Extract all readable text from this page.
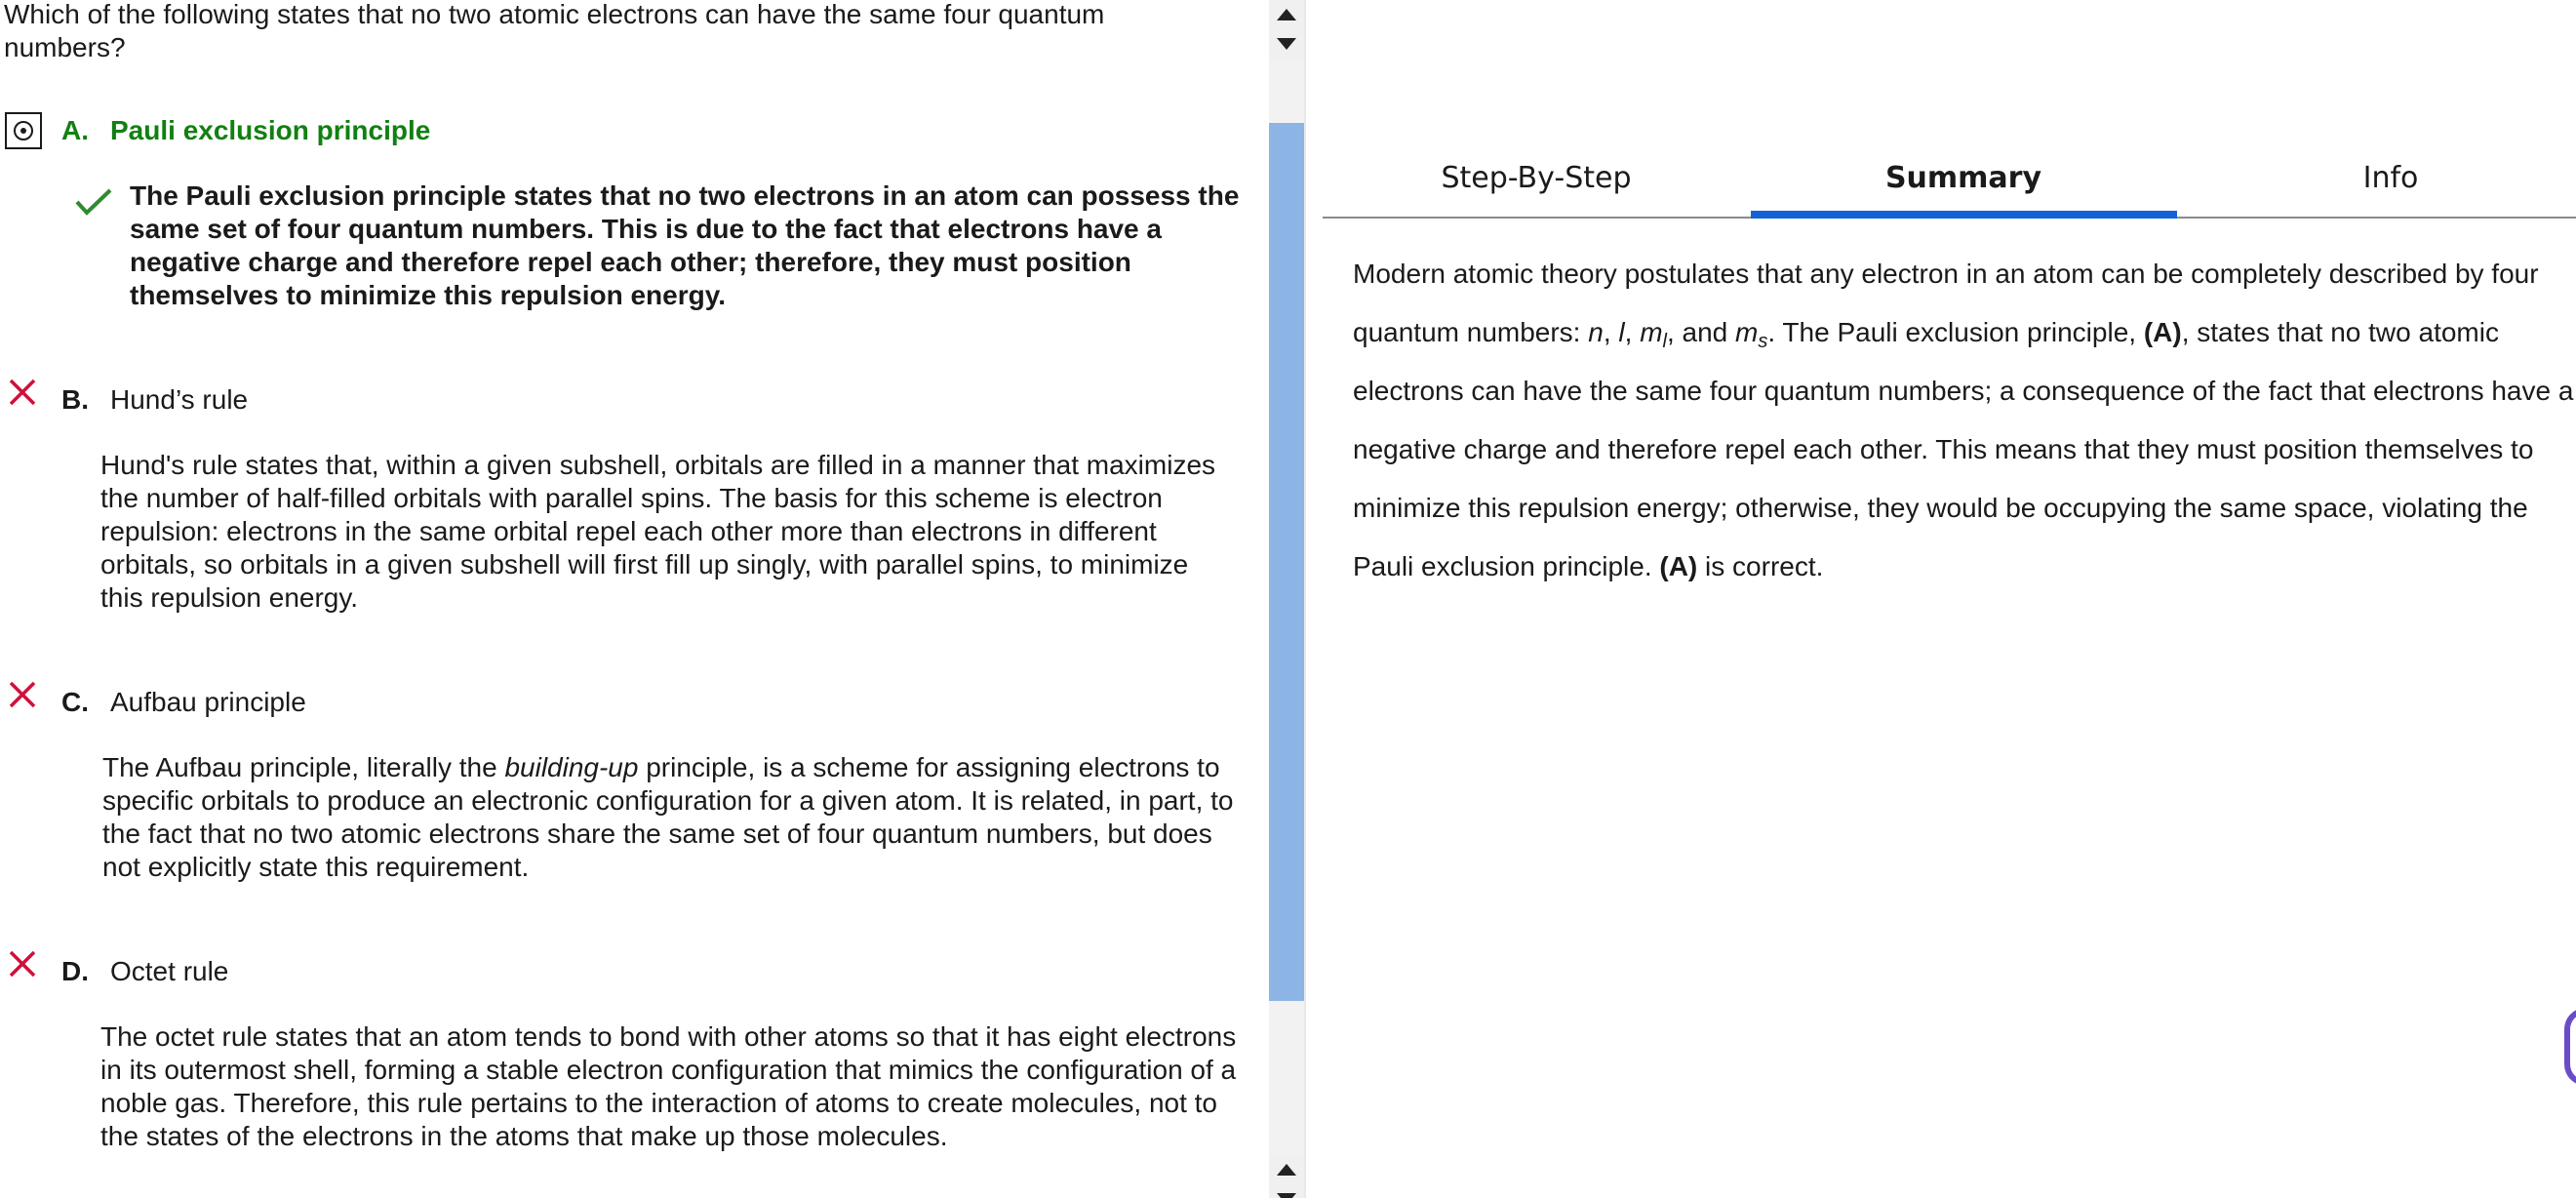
Which of the following states that no two atomic electrons can have the same four quantum numbers?
A. Pauli exclusion principle
The Pauli exclusion principle states that no two electrons in an atom can possess the same set of four quantum numbers. This is due to the fact that electrons have a negative charge and therefore repel each other; therefore, they must position themselves to minimize this repulsion energy.
B. Hund’s rule
Hund's rule states that, within a given subshell, orbitals are filled in a manner that maximizes the number of half-filled orbitals with parallel spins. The basis for this scheme is electron repulsion: electrons in the same orbital repel each other more than electrons in different orbitals, so orbitals in a given subshell will first fill up singly, with parallel spins, to minimize this repulsion energy.
C. Aufbau principle
The Aufbau principle, literally the building-up principle, is a scheme for assigning electrons to specific orbitals to produce an electronic configuration for a given atom. It is related, in part, to the fact that no two atomic electrons share the same set of four quantum numbers, but does not explicitly state this requirement.
D. Octet rule
The octet rule states that an atom tends to bond with other atoms so that it has eight electrons in its outermost shell, forming a stable electron configuration that mimics the configuration of a noble gas. Therefore, this rule pertains to the interaction of atoms to create molecules, not to the states of the electrons in the atoms that make up those molecules.
Step-By-Step	Summary	Info
Modern atomic theory postulates that any electron in an atom can be completely described by four quantum numbers: n, l, $m_l$, and $m_s$. The Pauli exclusion principle, (A), states that no two atomic electrons can have the same four quantum numbers; a consequence of the fact that electrons have a negative charge and therefore repel each other. This means that they must position themselves to minimize this repulsion energy; otherwise, they would be occupying the same space, violating the Pauli exclusion principle. (A) is correct.
